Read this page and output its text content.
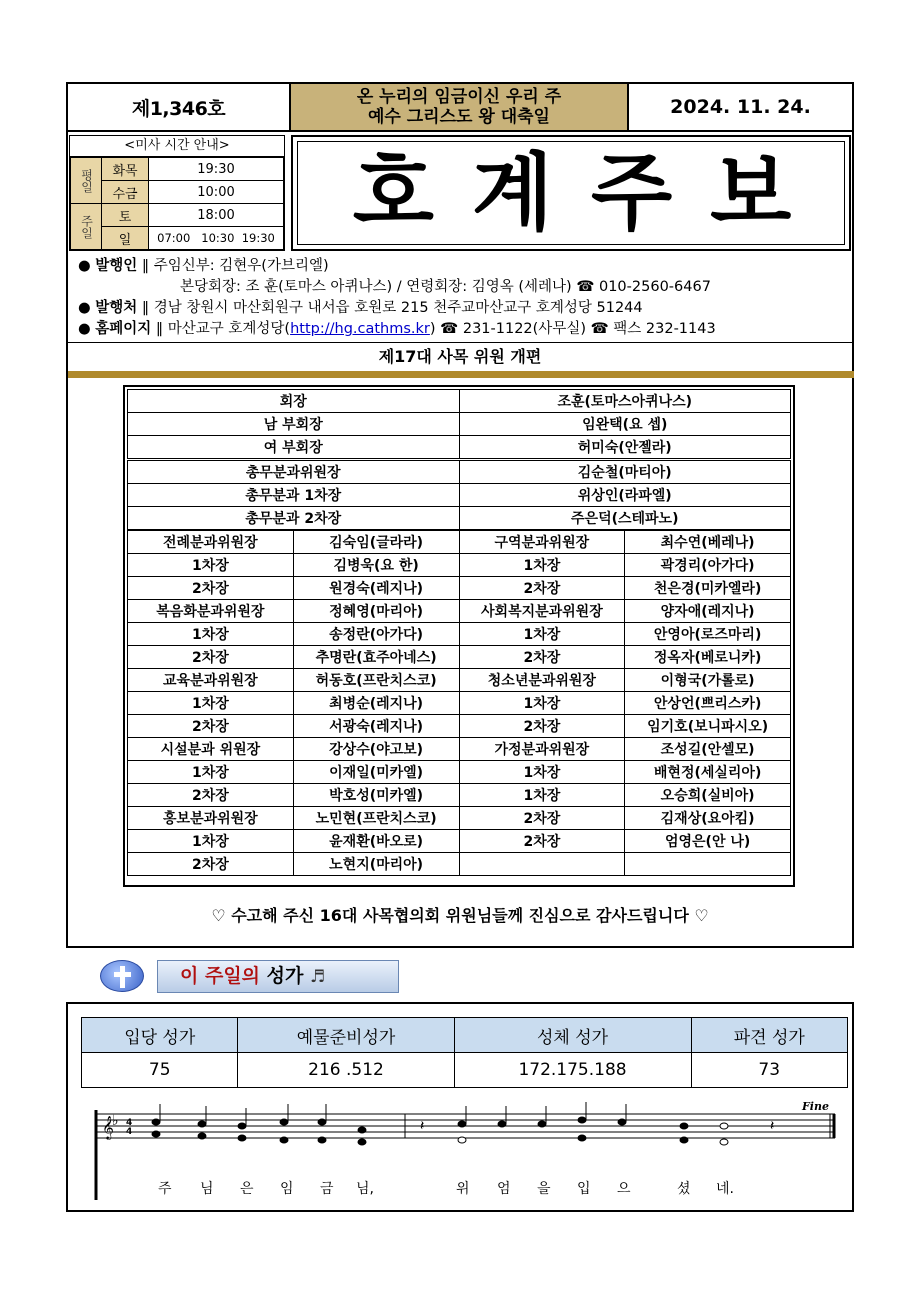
제1,346호
온 누리의 임금이신 우리 주
예수 그리스도 왕 대축일	2024. 11. 24.
<미사 시간 안내>
평일	화목	19:30
	수금	10:00
주일	토	18:00
	일	07:00   10:30  19:30 호계주보
● 발행인 ‖ 주임신부: 김현우(가브리엘)
본당회장: 조 훈(토마스 아퀴나스) / 연령회장: 김영옥 (세레나) ☎ 010-2560-6467
● 발행처 ‖ 경남 창원시 마산회원구 내서읍 호원로 215 천주교마산교구 호계성당 51244
● 홈페이지 ‖ 마산교구 호계성당(http://hg.cathms.kr) ☎ 231-1122(사무실) ☎ 팩스 232-1143
제17대 사목 위원 개편
회장		조훈(토마스아퀴나스)	
남 부회장		임완택(요 셉)	
여 부회장		허미숙(안젤라)	
총무분과위원장		김순철(마티아)	
총무분과 1차장		위상인(라파엘)	
총무분과 2차장		주은덕(스테파노)	
전례분과위원장	김숙임(글라라)	구역분과위원장	최수연(베레나)
1차장	김병욱(요 한)	1차장	곽경리(아가다)
2차장	원경숙(레지나)	2차장	천은경(미카엘라)
복음화분과위원장	정혜영(마리아)	사회복지분과위원장	양자애(레지나)
1차장	송정란(아가다)	1차장	안영아(로즈마리)
2차장	추명란(효주아네스)	2차장	정옥자(베로니카)
교육분과위원장	허동호(프란치스코)	청소년분과위원장	이형국(가롤로)
1차장	최병순(레지나)	1차장	안상언(쁘리스카)
2차장	서광숙(레지나)	2차장	임기호(보니파시오)
시설분과 위원장	강상수(야고보)	가정분과위원장	조성길(안셀모)
1차장	이재일(미카엘)	1차장	배현정(세실리아)
2차장	박호성(미카엘)	1차장	오승희(실비아)
홍보분과위원장	노민현(프란치스코)	2차장	김재상(요아킴)
1차장	윤재환(바오로)	2차장	엄영은(안 나)
2차장	노현지(마리아)		
♡ 수고해 주신 16대 사목협의회 위원님들께 진심으로 감사드립니다 ♡
이 주일의 성가 ♬
입당 성가	예물준비성가	성체 성가	파견 성가
75	216 .512	172.175.188	73
𝄞
♭ 4
4	𝄽	𝄽
Fine
주 님 은 임 금 님,	위 엄 을 입 으	셨 네.
